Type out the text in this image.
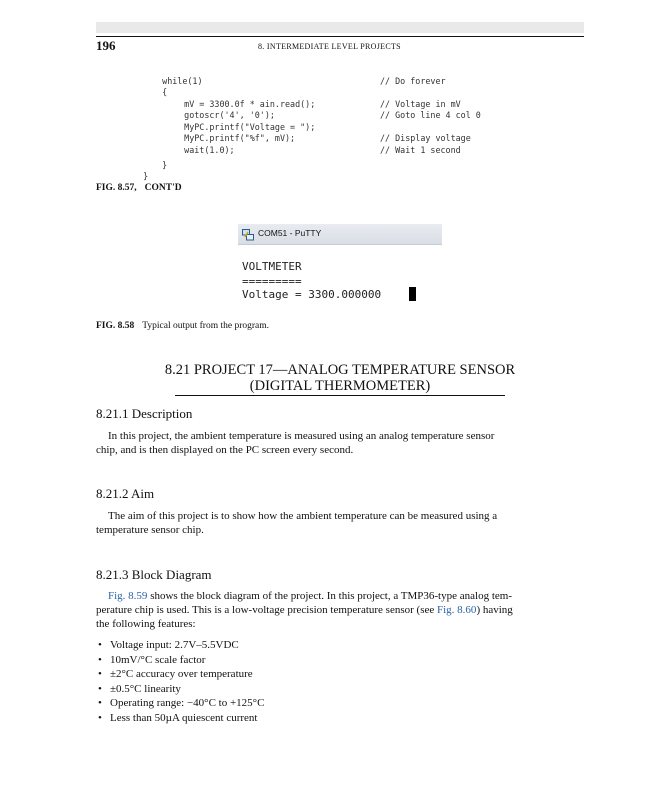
196	8. INTERMEDIATE LEVEL PROJECTS

while(1)	// Do forever

{

mV = 3300.0f * ain.read();	// Voltage in mV

gotoscr('4', '0');	// Goto line 4 col 0

MyPC.printf("Voltage = ");

MyPC.printf("%f", mV);	// Display voltage

wait(1.0);	// Wait 1 second

}

}

FIG. 8.57, CONT'D
COM51 - PuTTY
VOLTMETER
=========
Voltage = 3300.000000
FIG. 8.58 Typical output from the program.
8.21 PROJECT 17—ANALOG TEMPERATURE SENSOR
(DIGITAL THERMOMETER)
8.21.1 Description
In this project, the ambient temperature is measured using an analog temperature sensor
chip, and is then displayed on the PC screen every second.
8.21.2 Aim
The aim of this project is to show how the ambient temperature can be measured using a
temperature sensor chip.
8.21.3 Block Diagram
Fig. 8.59 shows the block diagram of the project. In this project, a TMP36-type analog tem-
perature chip is used. This is a low-voltage precision temperature sensor (see Fig. 8.60) having
the following features:
• Voltage input: 2.7V–5.5VDC
• 10mV/°C scale factor
• ±2°C accuracy over temperature
• ±0.5°C linearity
• Operating range: −40°C to +125°C
• Less than 50µA quiescent current
